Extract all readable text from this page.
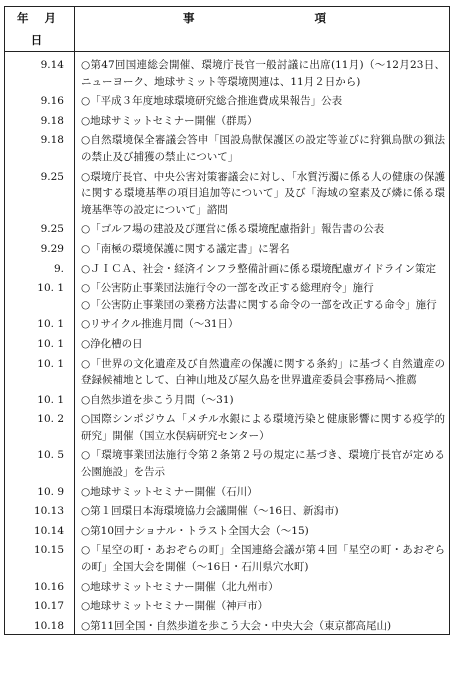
年 月 日	事 項
9.14	○第47回国連総会開催、環境庁長官一般討議に出席(11月)（～12月23日、ニューヨーク、地球サミット等環境関連は、11月２日から)

9.16	○「平成３年度地球環境研究総合推進費成果報告」公表

9.18	○地球サミットセミナー開催（群馬）

9.18	○自然環境保全審議会答申「国設鳥獣保護区の設定等並びに狩猟鳥獣の猟法の禁止及び捕獲の禁止について」

9.25	○環境庁長官、中央公害対策審議会に対し、「水質汚濁に係る人の健康の保護に関する環境基準の項目追加等について」及び「海域の窒素及び燐に係る環境基準等の設定について」諮問

9.25	○「ゴルフ場の建設及び運営に係る環境配慮指針」報告書の公表

9.29	○「南極の環境保護に関する議定書」に署名

9.	○ＪＩＣＡ、社会・経済インフラ整備計画に係る環境配慮ガイドライン策定

10. 1	○「公害防止事業団法施行令の一部を改正する総理府令」施行

○「公害防止事業団の業務方法書に関する命令の一部を改正する命令」施行

10. 1	○リサイクル推進月間（～31日）

10. 1	○浄化槽の日

10. 1	○「世界の文化遺産及び自然遺産の保護に関する条約」に基づく自然遺産の登録候補地として、白神山地及び屋久島を世界遺産委員会事務局へ推薦

10. 1	○自然歩道を歩こう月間（～31)

10. 2	○国際シンポジウム「メチル水銀による環境汚染と健康影響に関する疫学的研究」開催（国立水俣病研究センター）

10. 5	○「環境事業団法施行令第２条第２号の規定に基づき、環境庁長官が定める公園施設」を告示

10. 9	○地球サミットセミナー開催（石川）

10.13	○第１回環日本海環境協力会議開催（～16日、新潟市)

10.14	○第10回ナショナル・トラスト全国大会（～15)

10.15	○「星空の町・あおぞらの町」全国連絡会議が第４回「星空の町・あおぞらの町」全国大会を開催（～16日・石川県穴水町)

10.16	○地球サミットセミナー開催（北九州市）

10.17	○地球サミットセミナー開催（神戸市）

10.18	○第11回全国・自然歩道を歩こう大会・中央大会（東京都高尾山)
